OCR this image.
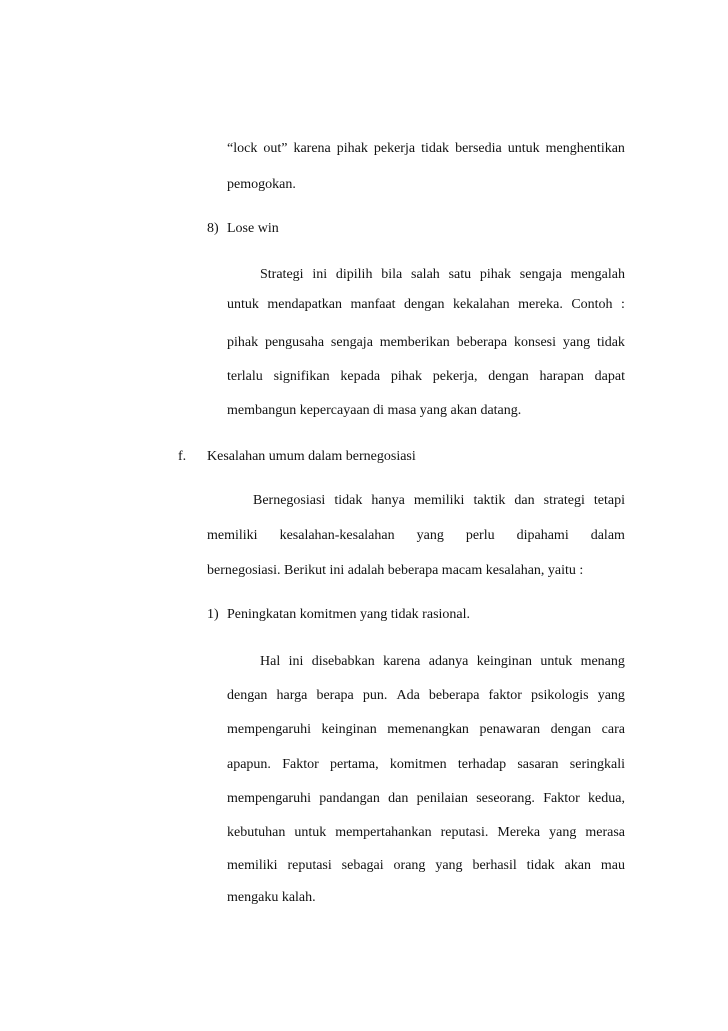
“lock out” karena pihak pekerja tidak bersedia untuk menghentikan
pemogokan.
8) Lose win
Strategi ini dipilih bila salah satu pihak sengaja mengalah
untuk mendapatkan manfaat dengan kekalahan mereka. Contoh :
pihak pengusaha sengaja memberikan beberapa konsesi yang tidak
terlalu signifikan kepada pihak pekerja, dengan harapan dapat
membangun kepercayaan di masa yang akan datang.
f. Kesalahan umum dalam bernegosiasi
Bernegosiasi tidak hanya memiliki taktik dan strategi tetapi
memiliki kesalahan-kesalahan yang perlu dipahami dalam
bernegosiasi. Berikut ini adalah beberapa macam kesalahan, yaitu :
1) Peningkatan komitmen yang tidak rasional.
Hal ini disebabkan karena adanya keinginan untuk menang
dengan harga berapa pun. Ada beberapa faktor psikologis yang
mempengaruhi keinginan memenangkan penawaran dengan cara
apapun. Faktor pertama, komitmen terhadap sasaran seringkali
mempengaruhi pandangan dan penilaian seseorang. Faktor kedua,
kebutuhan untuk mempertahankan reputasi. Mereka yang merasa
memiliki reputasi sebagai orang yang berhasil tidak akan mau
mengaku kalah.
